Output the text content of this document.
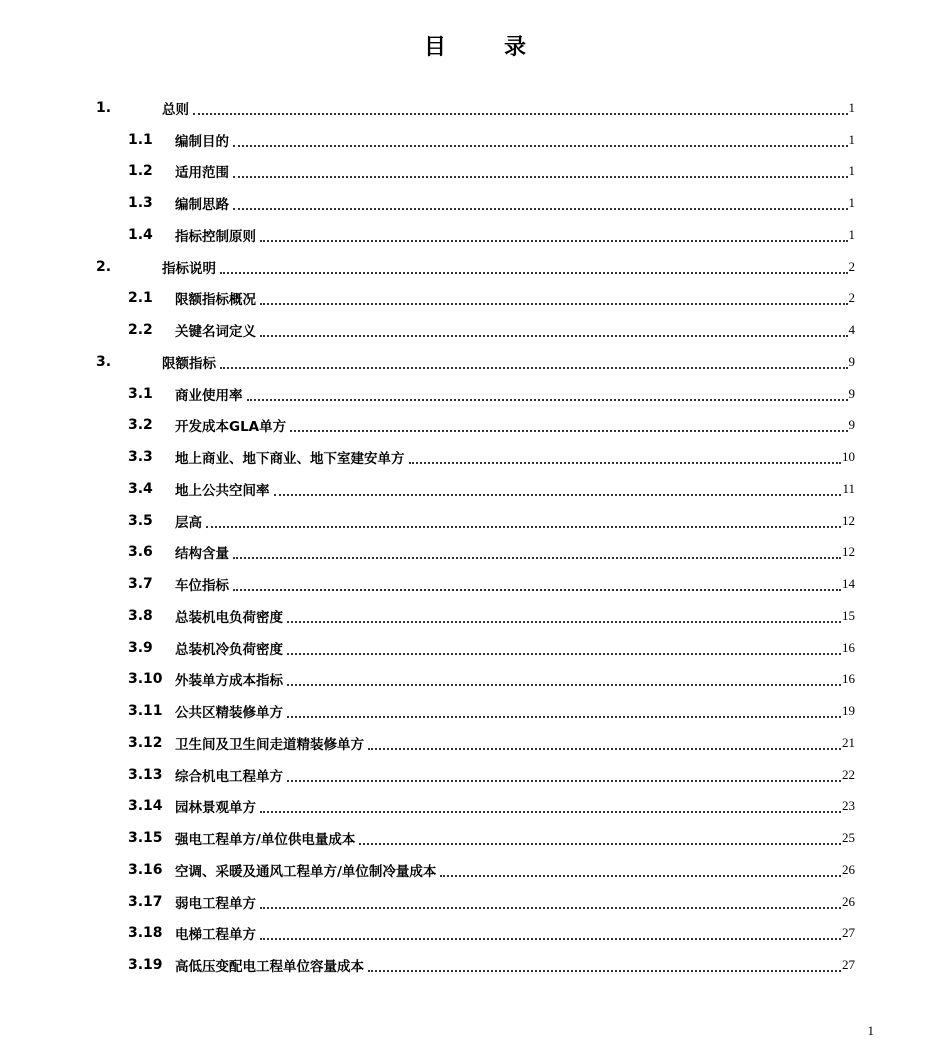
目　录
1.	总则	1
1.1	编制目的	1
1.2	适用范围	1
1.3	编制思路	1
1.4	指标控制原则	1
2.	指标说明	2
2.1	限额指标概况	2
2.2	关键名词定义	4
3.	限额指标	9
3.1	商业使用率	9
3.2	开发成本GLA单方	9
3.3	地上商业、地下商业、地下室建安单方	10
3.4	地上公共空间率	11
3.5	层高	12
3.6	结构含量	12
3.7	车位指标	14
3.8	总装机电负荷密度	15
3.9	总装机冷负荷密度	16
3.10 外装单方成本指标	16
3.11 公共区精装修单方	19
3.12 卫生间及卫生间走道精装修单方	21
3.13 综合机电工程单方	22
3.14 园林景观单方	23
3.15 强电工程单方/单位供电量成本	25
3.16 空调、采暖及通风工程单方/单位制冷量成本	26
3.17 弱电工程单方	26
3.18 电梯工程单方	27
3.19 高低压变配电工程单位容量成本	27
1
